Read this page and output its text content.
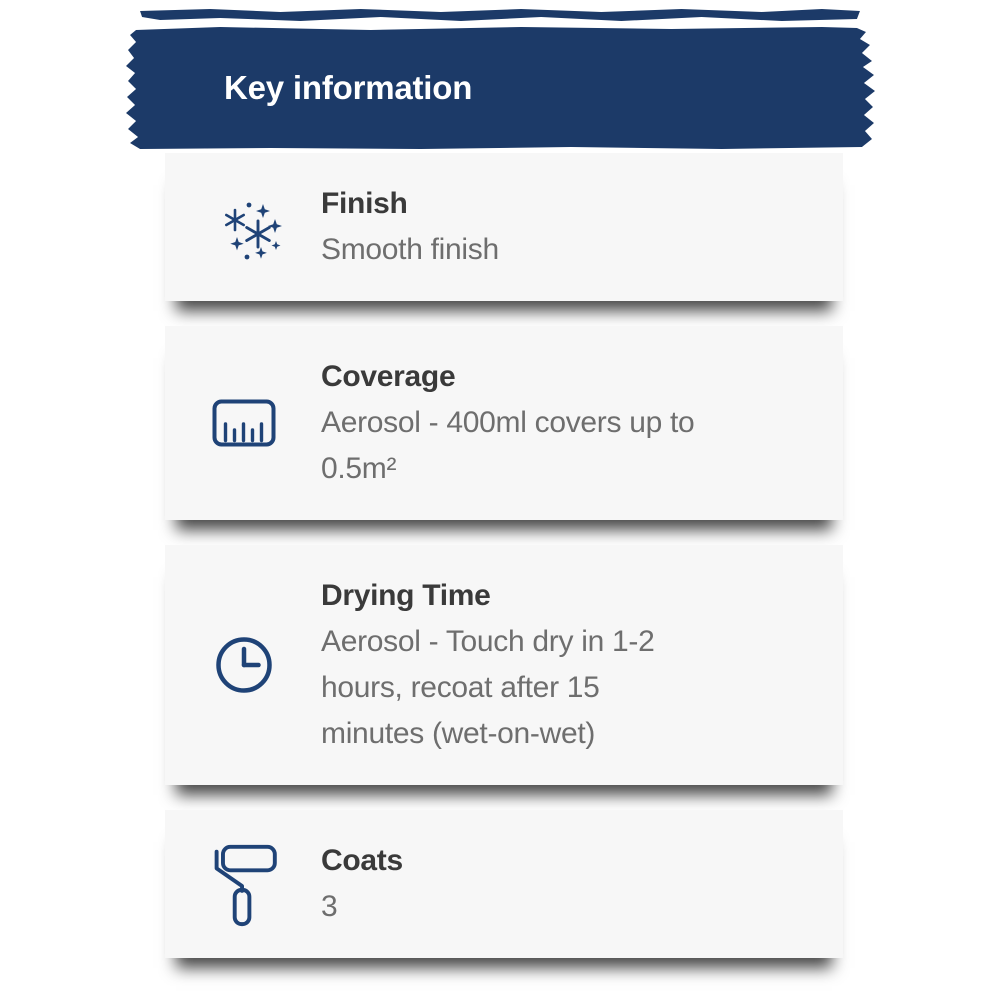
Key information
Finish
Smooth finish
Coverage
Aerosol - 400ml covers up to
0.5m²
Drying Time
Aerosol - Touch dry in 1-2
hours, recoat after 15
minutes (wet-on-wet)
Coats
3
